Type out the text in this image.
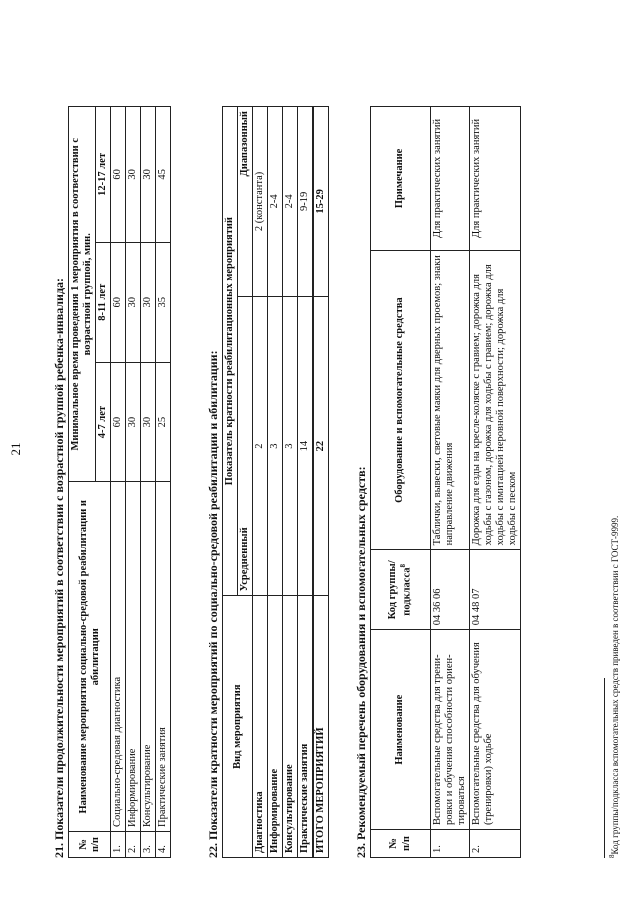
21 21. Показатели продолжительности мероприятий в соответствии с возрастной группой ребенка-инвалида: № п/п	Наименование мероприятия социально-средовой реабилитации и абилитации	Минимальное время проведения 1 мероприятия в соответствии с возрастной группой, мин.		
		4-7 лет	8-11 лет	12-17 лет
1.	Социально-средовая диагностика	60	60	60
2.	Информирование	30	30	30
3.	Консультирование	30	30	30
4.	Практические занятия	25	35	45
22. Показатели кратности мероприятий по социально-средовой реабилитации и абилитации: Вид мероприятия	Показатель кратности реабилитационных мероприятий	
	Усредненный	Диапазонный
Диагностика	2	2 (константа)
Информирование	3	2-4
Консультирование	3	2-4
Практические занятия	14	9-19
ИТОГО МЕРОПРИЯТИЙ	22	15-29
23. Рекомендуемый перечень оборудования и вспомогательных средств: № п/п	Наименование	Код группы/подкласса$^8$	Оборудование и вспомогательные средства	Примечание
1.	Вспомогательные средства для тренировки и обучения способности ориентироваться	04 36 06	Таблички, вывески, световые маяки для дверных проемов; знаки направление движения	Для практических занятий
2.	Вспомогательные средства для обучения (тренировки) ходьбе	04 48 07	Дорожка для езды на кресле-коляске с гравием; дорожка для ходьбы с газоном, дорожка для ходьбы с гравием; дорожка для ходьбы с имитацией неровной поверхности; дорожка для ходьбы с песком	Для практических занятий
$^8$Код группы/подкласса вспомогательных средств приведен в соответствии с ГОСТ-9999.
